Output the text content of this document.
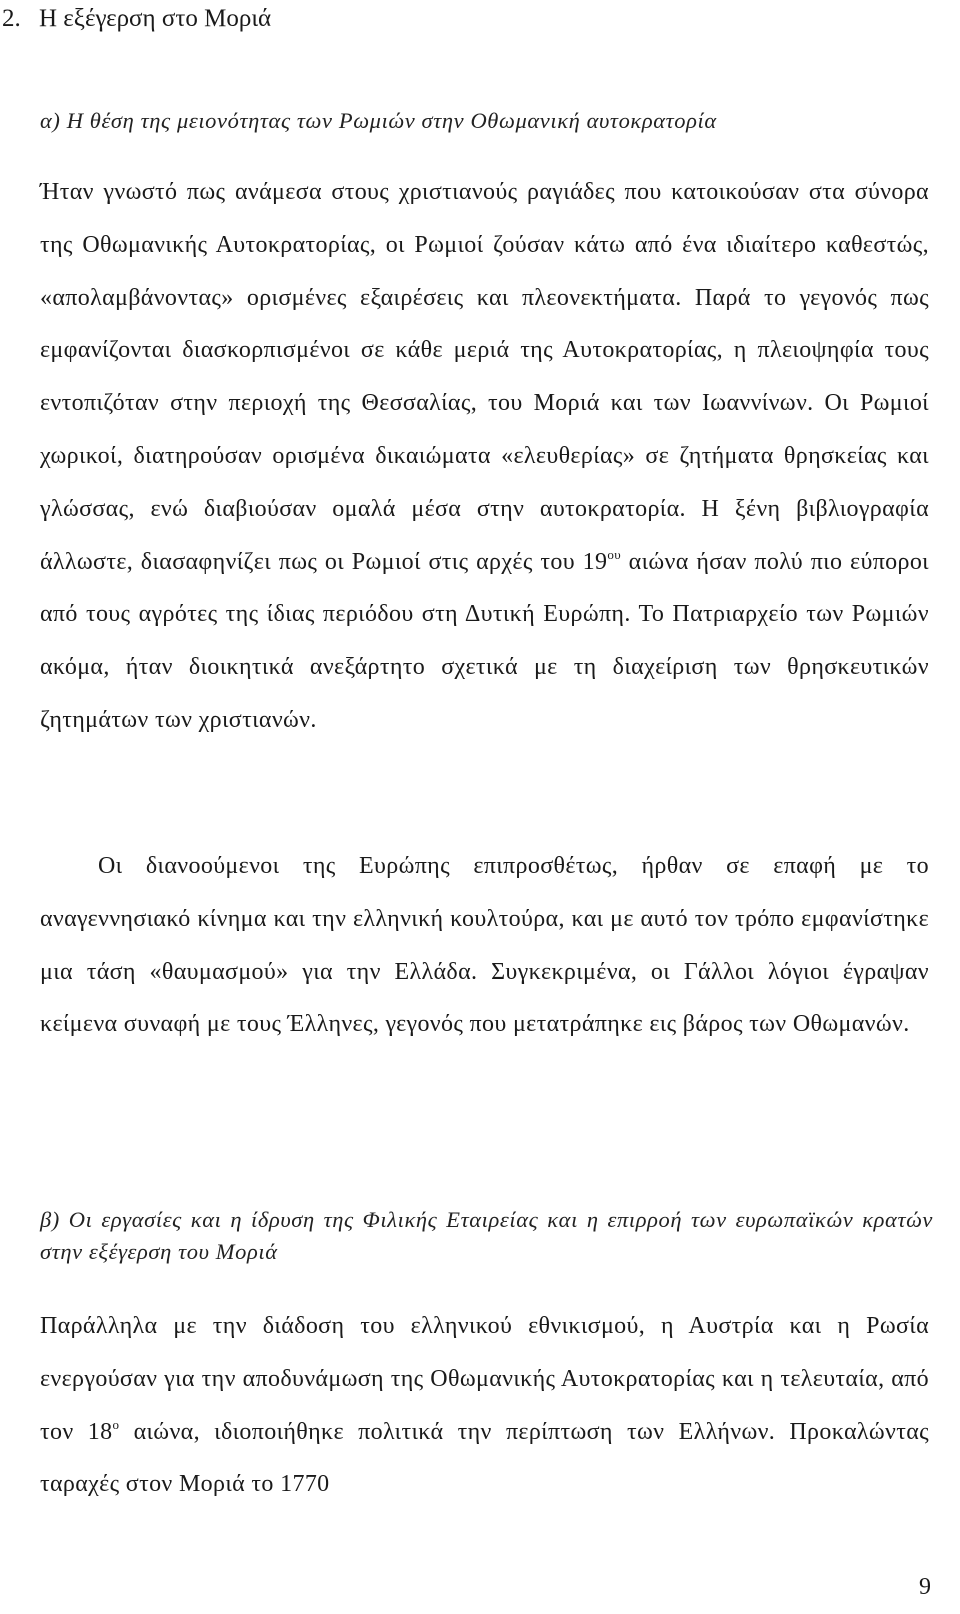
2. Η εξέγερση στο Μοριά
α) Η θέση της μειονότητας των Ρωμιών στην Οθωμανική αυτοκρατορία

Ήταν γνωστό πως ανάμεσα στους χριστιανούς ραγιάδες που κατοικούσαν στα σύνορα της Οθωμανικής Αυτοκρατορίας, οι Ρωμιοί ζούσαν κάτω από ένα ιδιαίτερο καθεστώς, «απολαμβάνοντας» ορισμένες εξαιρέσεις και πλεονεκτήματα. Παρά το γεγονός πως εμφανίζονται διασκορπισμένοι σε κάθε μεριά της Αυτοκρατορίας, η πλειοψηφία τους εντοπιζόταν στην περιοχή της Θεσσαλίας, του Μοριά και των Ιωαννίνων. Οι Ρωμιοί χωρικοί, διατηρούσαν ορισμένα δικαιώματα «ελευθερίας» σε ζητήματα θρησκείας και γλώσσας, ενώ διαβιούσαν ομαλά μέσα στην αυτοκρατορία. Η ξένη βιβλιογραφία άλλωστε, διασαφηνίζει πως οι Ρωμιοί στις αρχές του $19^{o\upsilon}$ αιώνα ήσαν πολύ πιο εύποροι από τους αγρότες της ίδιας περιόδου στη Δυτική Ευρώπη. Το Πατριαρχείο των Ρωμιών ακόμα, ήταν διοικητικά ανεξάρτητο σχετικά με τη διαχείριση των θρησκευτικών ζητημάτων των χριστιανών.

Οι διανοούμενοι της Ευρώπης επιπροσθέτως, ήρθαν σε επαφή με το αναγεννησιακό κίνημα και την ελληνική κουλτούρα, και με αυτό τον τρόπο εμφανίστηκε μια τάση «θαυμασμού» για την Ελλάδα. Συγκεκριμένα, οι Γάλλοι λόγιοι έγραψαν κείμενα συναφή με τους Έλληνες, γεγονός που μετατράπηκε εις βάρος των Οθωμανών.

β) Οι εργασίες και η ίδρυση της Φιλικής Εταιρείας και η επιρροή των ευρωπαϊκών κρατών στην εξέγερση του Μοριά

Παράλληλα με την διάδοση του ελληνικού εθνικισμού, η Αυστρία και η Ρωσία ενεργούσαν για την αποδυνάμωση της Οθωμανικής Αυτοκρατορίας και η τελευταία, από τον $18^o$ αιώνα, ιδιοποιήθηκε πολιτικά την περίπτωση των Ελλήνων. Προκαλώντας ταραχές στον Μοριά το 1770

9
